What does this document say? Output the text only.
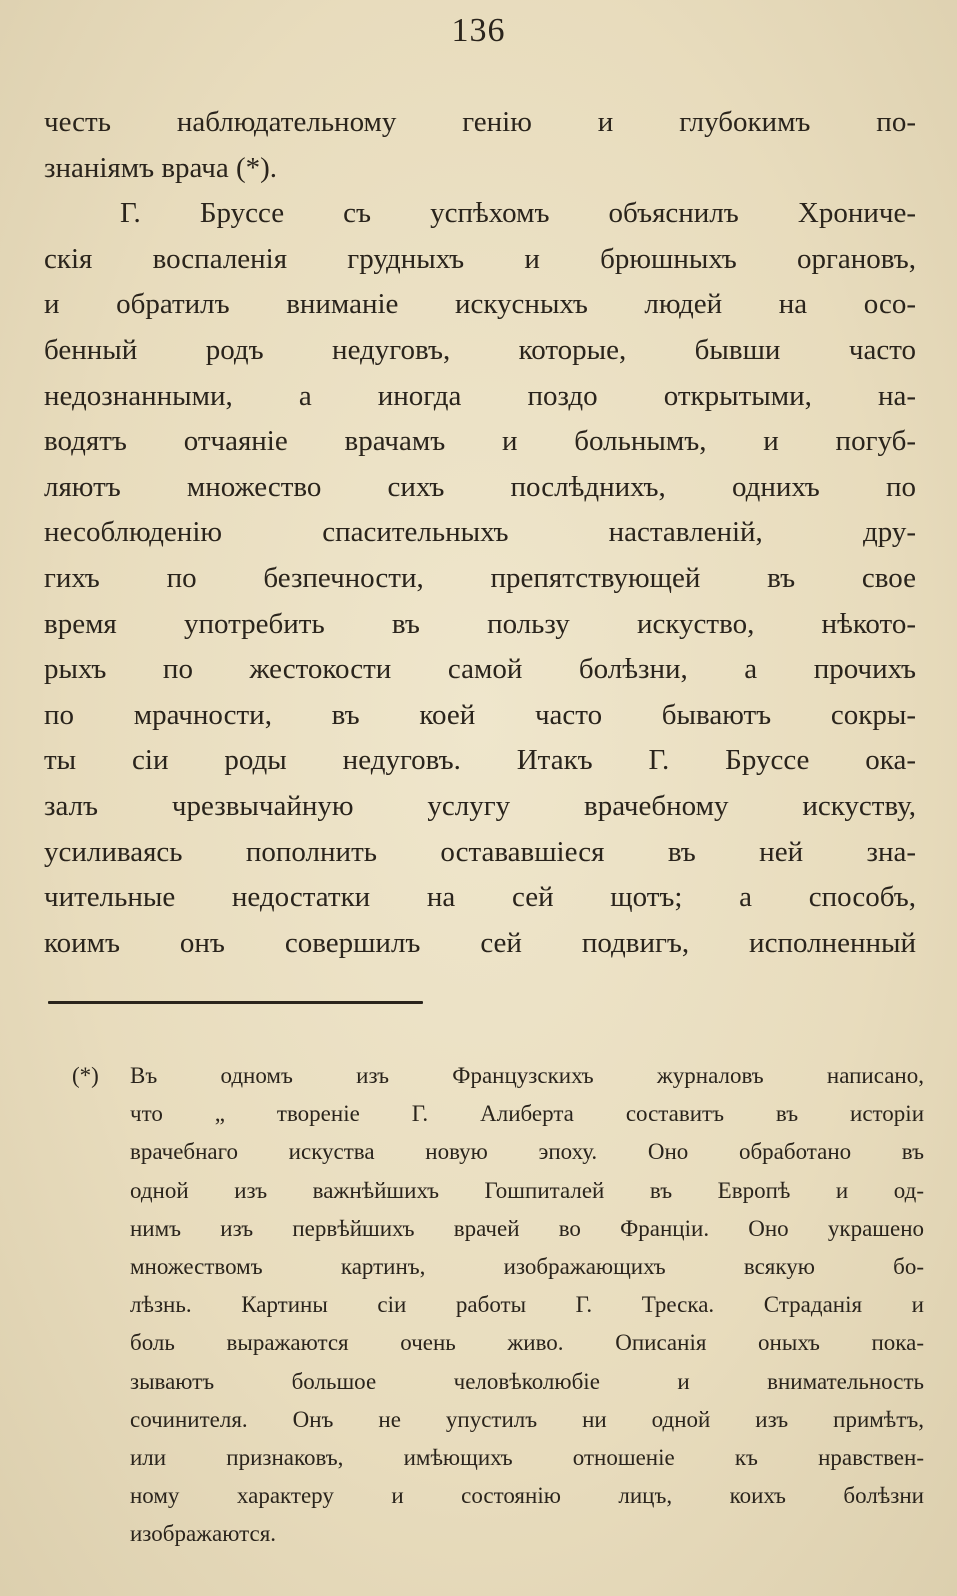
136
честь наблюдательному генію и глубокимъ по-
знаніямъ врача (*).
Г. Бруссе съ успѣхомъ объяснилъ Хрониче-
скія воспаленія грудныхъ и брюшныхъ органовъ,
и обратилъ вниманіе искусныхъ людей на осо-
бенный родъ недуговъ, которые, бывши часто
недознанными, а иногда поздо открытыми, на-
водятъ отчаяніе врачамъ и больнымъ, и погуб-
ляютъ множество сихъ послѣднихъ, однихъ по
несоблюденію спасительныхъ наставленій, дру-
гихъ по безпечности, препятствующей въ свое
время употребить въ пользу искуство, нѣкото-
рыхъ по жестокости самой болѣзни, а прочихъ
по мрачности, въ коей часто бываютъ сокры-
ты сіи роды недуговъ. Итакъ Г. Бруссе ока-
залъ чрезвычайную услугу врачебному искуству,
усиливаясь пополнить остававшіеся въ ней зна-
чительные недостатки на сей щотъ; а способъ,
коимъ онъ совершилъ сей подвигъ, исполненный
(*) Въ одномъ изъ Французскихъ журналовъ написано,
что „ твореніе Г. Aлиберта составитъ въ исторіи
врачебнаго искуства новую эпоху. Оно обработано въ
одной изъ важнѣйшихъ Гошпиталей въ Европѣ и од-
нимъ изъ первѣйшихъ врачей во Франціи. Оно украшено
множествомъ картинъ, изображающихъ всякую бо-
лѣзнь. Картины сіи работы Г. Треска. Страданія и
боль выражаются очень живо. Описанія оныхъ пока-
зываютъ большое человѣколюбіе и внимательность
сочинителя. Онъ не упустилъ ни одной изъ примѣтъ,
или признаковъ, имѣющихъ отношеніе къ нравствен-
ному характеру и состоянію лицъ, коихъ болѣзни
изображаются.
